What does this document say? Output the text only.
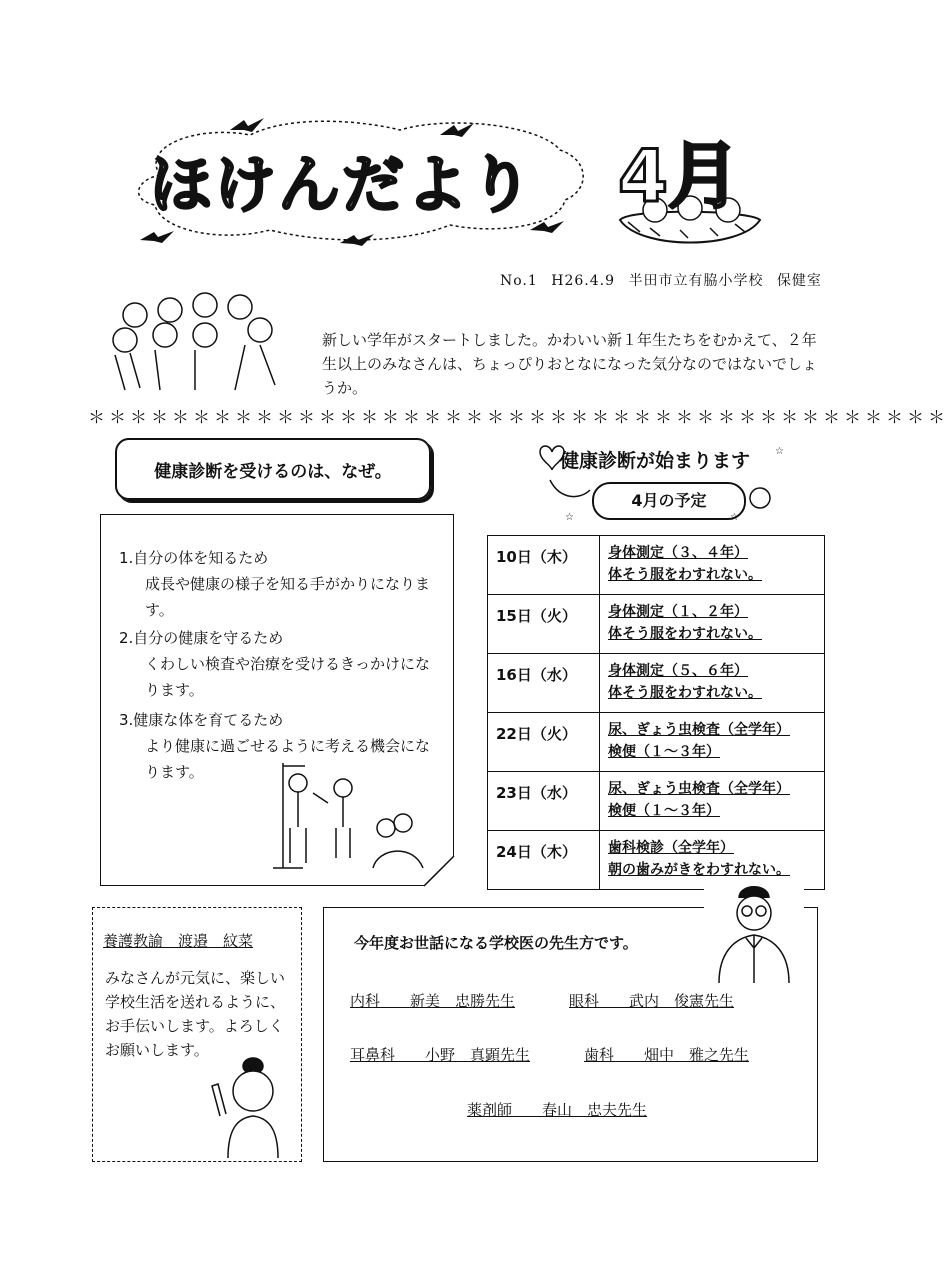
ほけんだより 4月
No.1 H26.4.9 半田市立有脇小学校 保健室
新しい学年がスタートしました。かわいい新１年生たちをむかえて、２年生以上のみなさんは、ちょっぴりおとなになった気分なのではないでしょうか。
＊＊＊＊＊＊＊＊＊＊＊＊＊＊＊＊＊＊＊＊＊＊＊＊＊＊＊＊＊＊＊＊＊＊＊＊＊＊＊＊＊
健康診断を受けるのは、なぜ。
1.自分の体を知るため
成長や健康の様子を知る手がかりになります。
2.自分の健康を守るため
くわしい検査や治療を受けるきっかけになります。
3.健康な体を育てるため
より健康に過ごせるように考える機会になります。
☆
☆	☆
健康診断が始まります
4月の予定
10日（木）	身体測定（３、４年）
体そう服をわすれない。

15日（火）	身体測定（１、２年）
体そう服をわすれない。

16日（水）	身体測定（５、６年）
体そう服をわすれない。

22日（火）	尿、ぎょう虫検査（全学年）
検便（１～３年）

23日（水）	尿、ぎょう虫検査（全学年）
検便（１～３年）

24日（木）	歯科検診（全学年）
朝の歯みがきをわすれない。
養護教諭　渡邉　紋菜
みなさんが元気に、楽しい学校生活を送れるように、お手伝いします。よろしくお願いします。
今年度お世話になる学校医の先生方です。
内科　　新美　忠勝先生	眼科　　武内　俊憲先生
耳鼻科　　小野　真顕先生	歯科　　畑中　雅之先生
薬剤師　　春山　忠夫先生
